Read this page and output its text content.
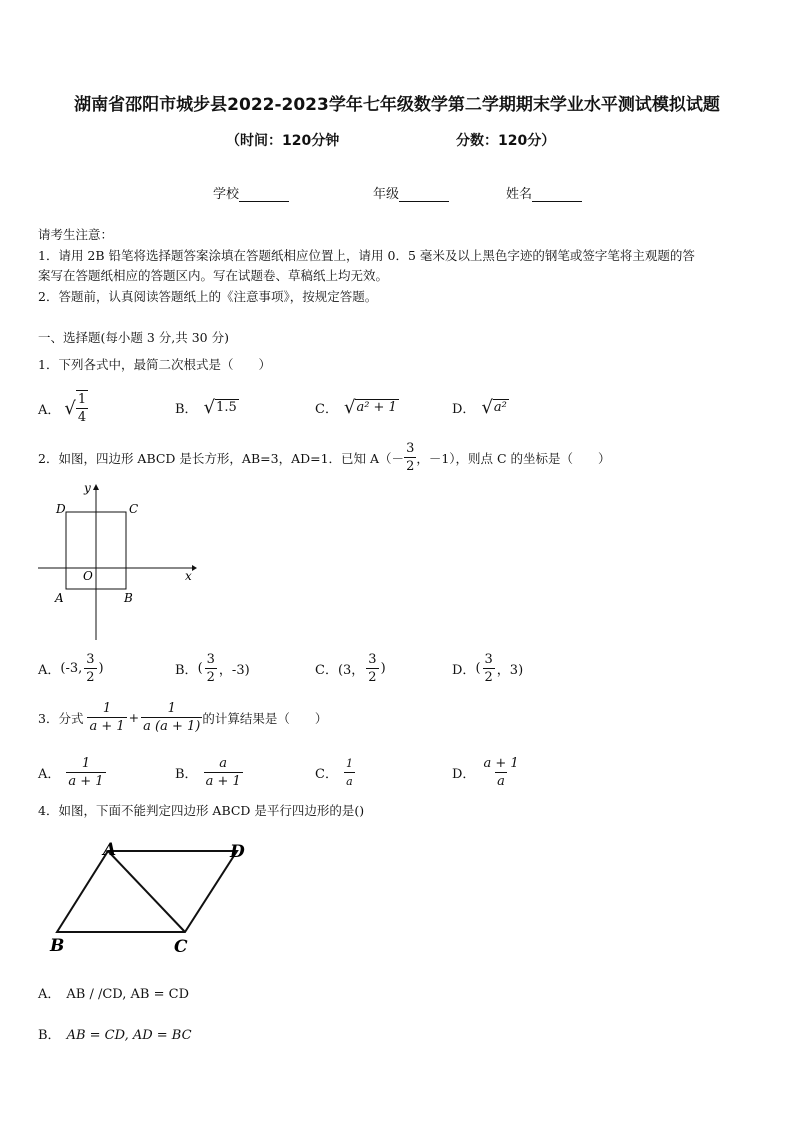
湖南省邵阳市城步县2022-2023学年七年级数学第二学期期末学业水平测试模拟试题
（时间：120分钟	分数：120分）
学校	年级	姓名
请考生注意：
1．请用 2B 铅笔将选择题答案涂填在答题纸相应位置上，请用 0．5 毫米及以上黑色字迹的钢笔或签字笔将主观题的答
案写在答题纸相应的答题区内。写在试题卷、草稿纸上均无效。
2．答题前，认真阅读答题纸上的《注意事项》，按规定答题。
一、选择题(每小题 3 分,共 30 分)
1．下列各式中，最简二次根式是（　　）
A． √ $\frac{1}{4}$	B． √ 1.5	C． √ a² + 1	D． √ a²
2．如图，四边形 ABCD 是长方形，AB=3，AD=1．已知 $A(- \frac{3}{2}$ ，－1），则点 C 的坐标是（　　）
D	C
A	B
O	x
y
A． (-3, $\frac{3}{2}$ )	B． ( $\frac{3}{2}$ ，-3)	C． (3， $\frac{3}{2}$ )	D． ( $\frac{3}{2}$ ，3)
3．分式 $\frac{1}{a + 1} + \frac{1}{a (a + 1)}$ 的计算结果是（　　）
A． $\frac{1}{a + 1}$	B． $\frac{a}{a + 1}$	C． $\frac{1}{a}$	D． $\frac{a + 1}{a}$
4．如图，下面不能判定四边形 ABCD 是平行四边形的是()
A	D
B	C
A． AB / /CD, AB = CD
B． AB = CD, AD = BC
